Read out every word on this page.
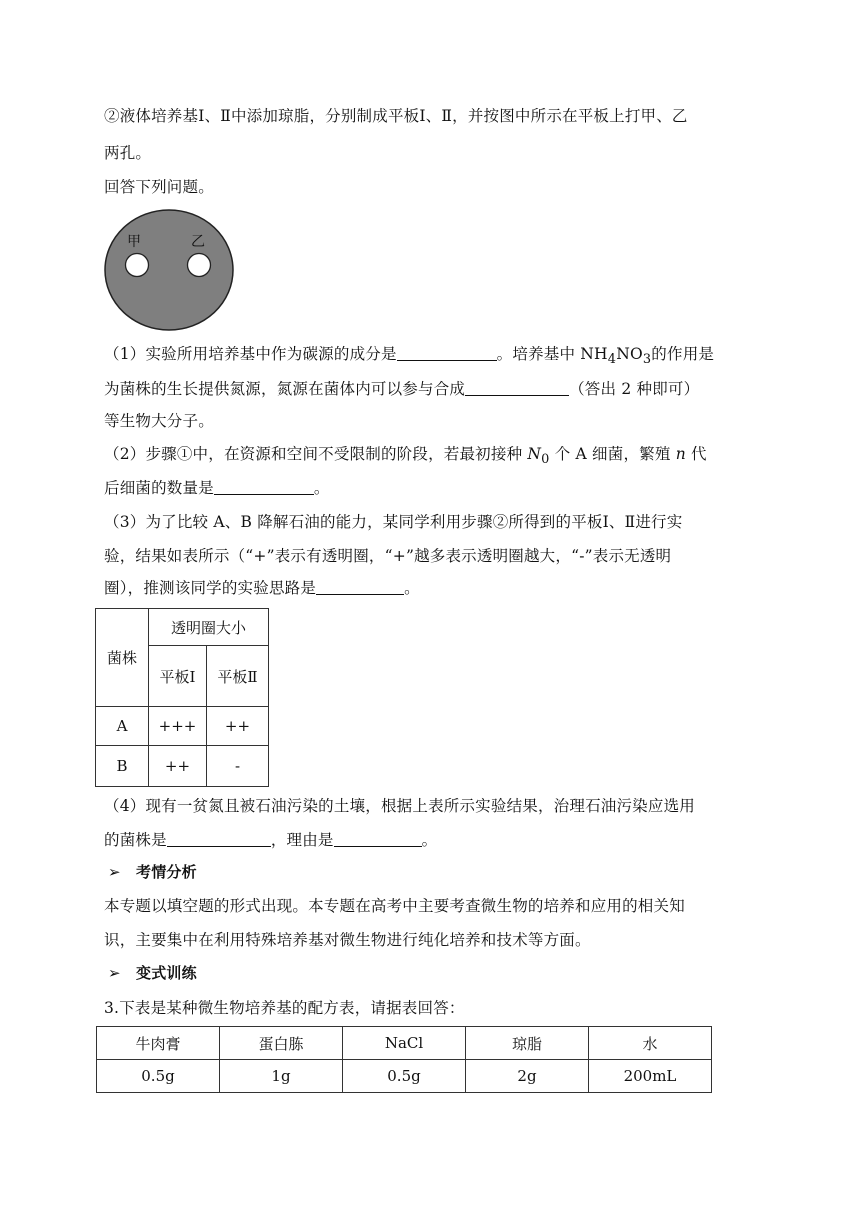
②液体培养基Ⅰ、Ⅱ中添加琼脂，分别制成平板Ⅰ、Ⅱ，并按图中所示在平板上打甲、乙
两孔。
回答下列问题。
甲	乙
（1）实验所用培养基中作为碳源的成分是	。培养基中 $NH_4NO_3$的作用是
为菌株的生长提供氮源，氮源在菌体内可以参与合成	（答出 2 种即可）
等生物大分子。
（2）步骤①中，在资源和空间不受限制的阶段，若最初接种 $N_0$ 个 A 细菌，繁殖 n 代
后细菌的数量是	。
（3）为了比较 A、B 降解石油的能力，某同学利用步骤②所得到的平板Ⅰ、Ⅱ进行实
验，结果如表所示（“+”表示有透明圈，“+”越多表示透明圈越大，“-”表示无透明
圈），推测该同学的实验思路是	。
菌株	透明圈大小	
	平板Ⅰ	平板Ⅱ
A	+++	++
B	++	-
（4）现有一贫氮且被石油污染的土壤，根据上表所示实验结果，治理石油污染应选用
的菌株是	，理由是	。
➢ 考情分析
本专题以填空题的形式出现。本专题在高考中主要考查微生物的培养和应用的相关知
识，主要集中在利用特殊培养基对微生物进行纯化培养和技术等方面。
➢ 变式训练
3.下表是某种微生物培养基的配方表，请据表回答：
牛肉膏	蛋白胨	NaCl	琼脂	水
0.5g	1g	0.5g	2g	200mL
